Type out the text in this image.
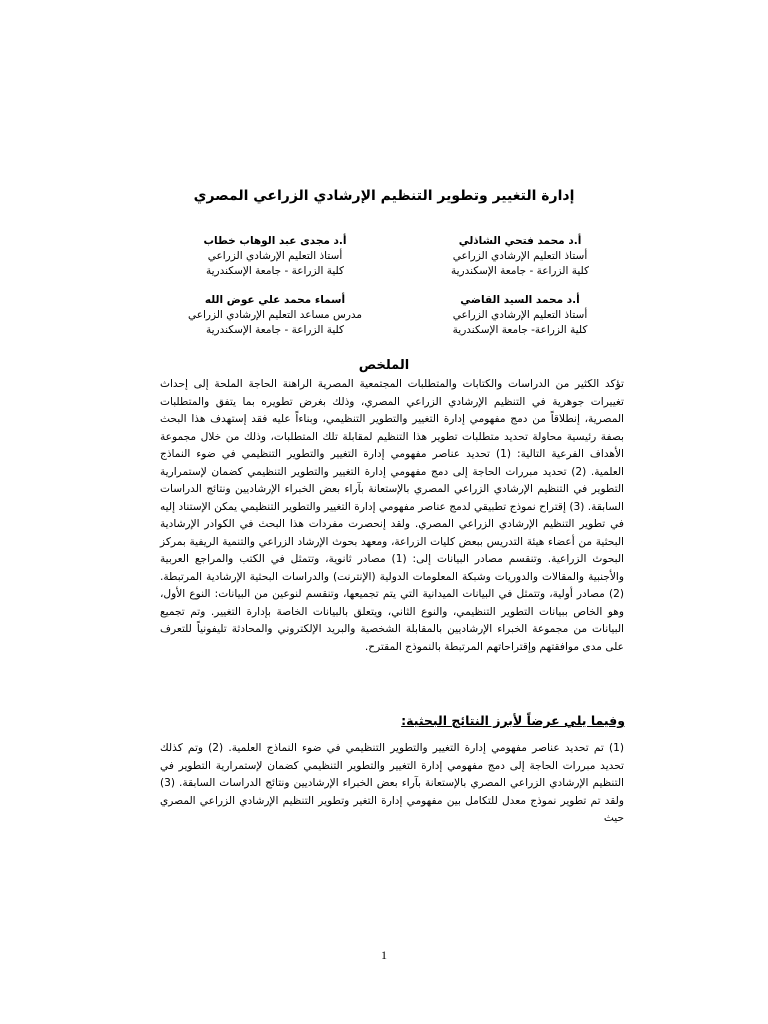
إدارة التغيير وتطوير التنظيم الإرشادي الزراعي المصري
أ.د محمد فتحي الشاذلي
أستاذ التعليم الإرشادي الزراعي
كلية الزراعة - جامعة الإسكندرية
أ.د مجدى عبد الوهاب خطاب
أستاذ التعليم الإرشادي الزراعي
كلية الزراعة - جامعة الإسكندرية
أ.د محمد السيد القاضي
أستاذ التعليم الإرشادي الزراعي
كلية الزراعة- جامعة الإسكندرية
أسماء محمد علي عوض الله
مدرس مساعد التعليم الإرشادي الزراعي
كلية الزراعة - جامعة الإسكندرية
الملخص

تؤكد الكثير من الدراسات والكتابات والمتطلبات المجتمعية المصرية الراهنة الحاجة الملحة إلى إحداث تغييرات جوهرية في التنظيم الإرشادي الزراعي المصري، وذلك بغرض تطويره بما يتفق والمتطلبات المصرية، إنطلاقاً من دمج مفهومي إدارة التغيير والتطوير التنظيمي، وبناءاً عليه فقد إستهدف هذا البحث بصفة رئيسية محاولة تحديد متطلبات تطوير هذا التنظيم لمقابلة تلك المتطلبات، وذلك من خلال مجموعة الأهداف الفرعية التالية: (1) تحديد عناصر مفهومي إدارة التغيير والتطوير التنظيمي في ضوء النماذج العلمية. (2) تحديد مبررات الحاجة إلى دمج مفهومي إدارة التغيير والتطوير التنظيمي كضمان لإستمرارية التطوير في التنظيم الإرشادي الزراعي المصري بالإستعانة بآراء بعض الخبراء الإرشاديين ونتائج الدراسات السابقة. (3) إقتراح نموذج تطبيقي لدمج عناصر مفهومي إدارة التغيير والتطوير التنظيمي يمكن الإستناد إليه في تطوير التنظيم الإرشادي الزراعي المصري. ولقد إنحصرت مفردات هذا البحث في الكوادر الإرشادية البحثية من أعضاء هيئة التدريس ببعض كليات الزراعة، ومعهد بحوث الإرشاد الزراعي والتنمية الريفية بمركز البحوث الزراعية. وتنقسم مصادر البيانات إلى: (1) مصادر ثانوية، وتتمثل في الكتب والمراجع العربية والأجنبية والمقالات والدوريات وشبكة المعلومات الدولية (الإنترنت) والدراسات البحثية الإرشادية المرتبطة. (2) مصادر أولية، وتتمثل في البيانات الميدانية التي يتم تجميعها، وتنقسم لنوعين من البيانات: النوع الأول، وهو الخاص ببيانات التطوير التنظيمي، والنوع الثاني، ويتعلق بالبيانات الخاصة بإدارة التغيير. وتم تجميع البيانات من مجموعة الخبراء الإرشاديين بالمقابلة الشخصية والبريد الإلكتروني والمحادثة تليفونياً للتعرف على مدى موافقتهم وإقتراحاتهم المرتبطة بالنموذج المقترح.

وفيما يلي عرضاً لأبرز النتائج البحثية:

(1) تم تحديد عناصر مفهومي إدارة التغيير والتطوير التنظيمي في ضوء النماذج العلمية. (2) وتم كذلك تحديد مبررات الحاجة إلى دمج مفهومي إدارة التغيير والتطوير التنظيمي كضمان لإستمرارية التطوير في التنظيم الإرشادي الزراعي المصري بالإستعانة بآراء بعض الخبراء الإرشاديين ونتائج الدراسات السابقة. (3) ولقد تم تطوير نموذج معدل للتكامل بين مفهومي إدارة التغير وتطوير التنظيم الإرشادي الزراعي المصري حيث

1
